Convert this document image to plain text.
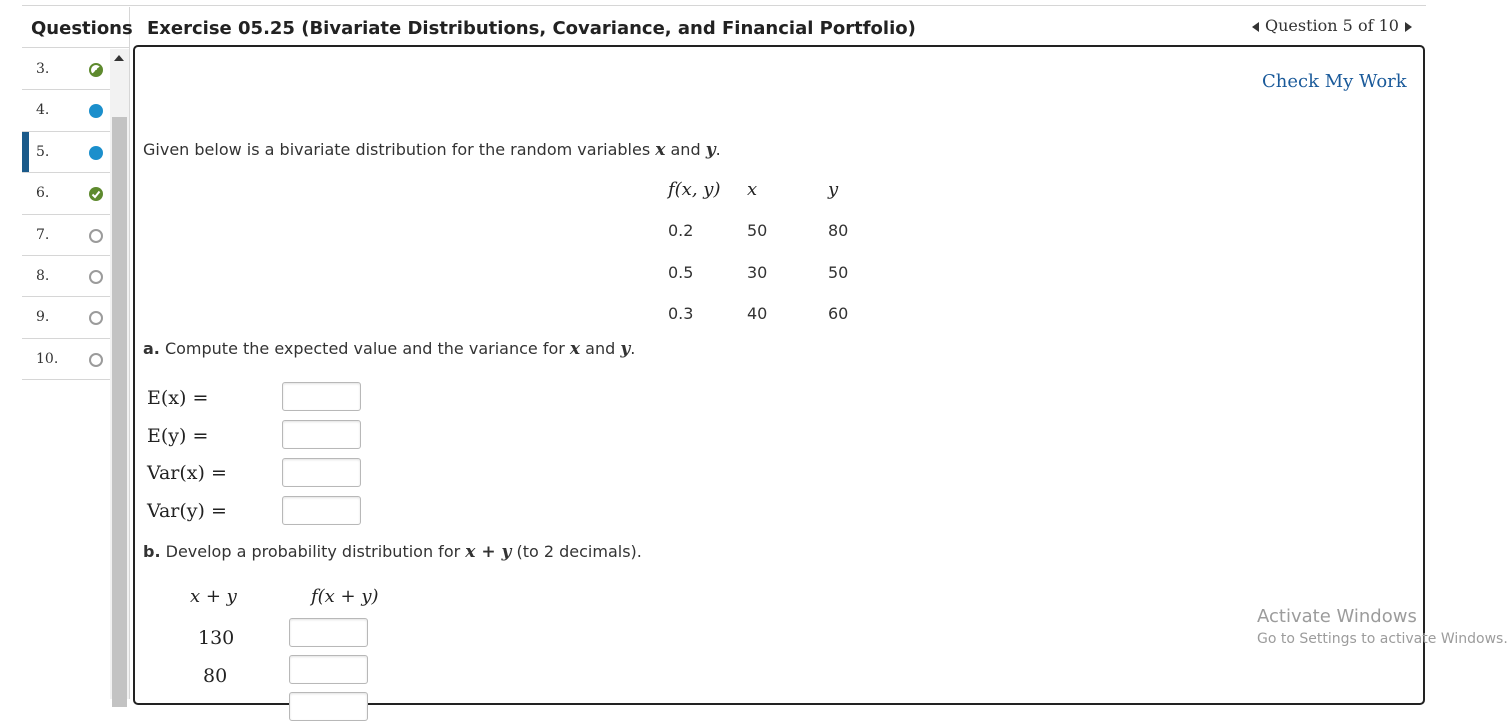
Questions
3.
4.
5.
6.
7.
8.
9.
10.
Exercise 05.25 (Bivariate Distributions, Covariance, and Financial Portfolio)	Question 5 of 10
Check My Work
Given below is a bivariate distribution for the random variables x and y.
f(x, y) x	y
0.2	50	80
0.5	30	50
0.3	40	60
a. Compute the expected value and the variance for x and y.
E(x) =
E(y) =
Var(x) =
Var(y) =
b. Develop a probability distribution for x + y (to 2 decimals).
x + y	f(x + y)
130
80
Activate Windows
Go to Settings to activate Windows.
